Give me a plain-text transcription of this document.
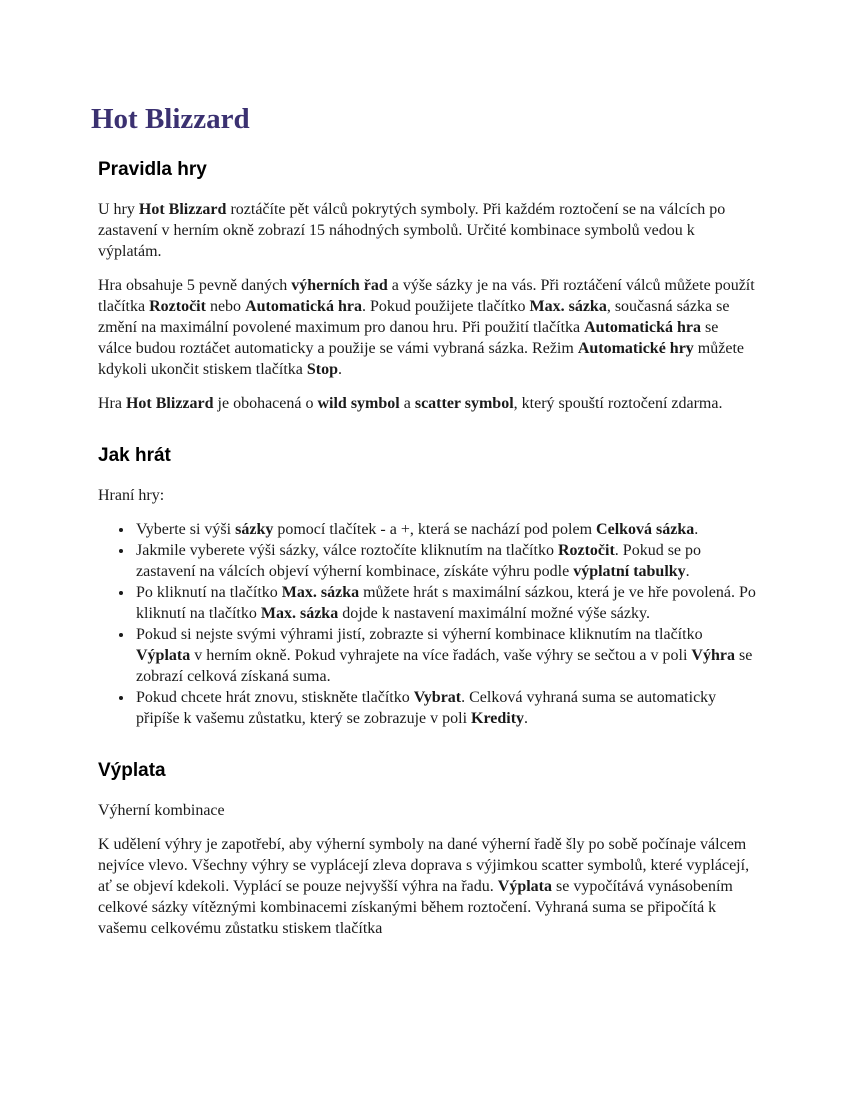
Hot Blizzard
Pravidla hry

U hry Hot Blizzard roztáčíte pět válců pokrytých symboly. Při každém roztočení se na válcích po zastavení v herním okně zobrazí 15 náhodných symbolů. Určité kombinace symbolů vedou k výplatám.

Hra obsahuje 5 pevně daných výherních řad a výše sázky je na vás. Při roztáčení válců můžete použít tlačítka Roztočit nebo Automatická hra. Pokud použijete tlačítko Max. sázka, současná sázka se změní na maximální povolené maximum pro danou hru. Při použití tlačítka Automatická hra se válce budou roztáčet automaticky a použije se vámi vybraná sázka. Režim Automatické hry můžete kdykoli ukončit stiskem tlačítka Stop.

Hra Hot Blizzard je obohacená o wild symbol a scatter symbol, který spouští roztočení zdarma.

Jak hrát

Hraní hry:

• Vyberte si výši sázky pomocí tlačítek - a +, která se nachází pod polem Celková sázka.
• Jakmile vyberete výši sázky, válce roztočíte kliknutím na tlačítko Roztočit. Pokud se po zastavení na válcích objeví výherní kombinace, získáte výhru podle výplatní tabulky.
• Po kliknutí na tlačítko Max. sázka můžete hrát s maximální sázkou, která je ve hře povolená. Po kliknutí na tlačítko Max. sázka dojde k nastavení maximální možné výše sázky.
• Pokud si nejste svými výhrami jistí, zobrazte si výherní kombinace kliknutím na tlačítko Výplata v herním okně. Pokud vyhrajete na více řadách, vaše výhry se sečtou a v poli Výhra se zobrazí celková získaná suma.
• Pokud chcete hrát znovu, stiskněte tlačítko Vybrat. Celková vyhraná suma se automaticky připíše k vašemu zůstatku, který se zobrazuje v poli Kredity.
Výplata

Výherní kombinace

K udělení výhry je zapotřebí, aby výherní symboly na dané výherní řadě šly po sobě počínaje válcem nejvíce vlevo. Všechny výhry se vyplácejí zleva doprava s výjimkou scatter symbolů, které vyplácejí, ať se objeví kdekoli. Vyplácí se pouze nejvyšší výhra na řadu. Výplata se vypočítává vynásobením celkové sázky vítěznými kombinacemi získanými během roztočení. Vyhraná suma se připočítá k vašemu celkovému zůstatku stiskem tlačítka
